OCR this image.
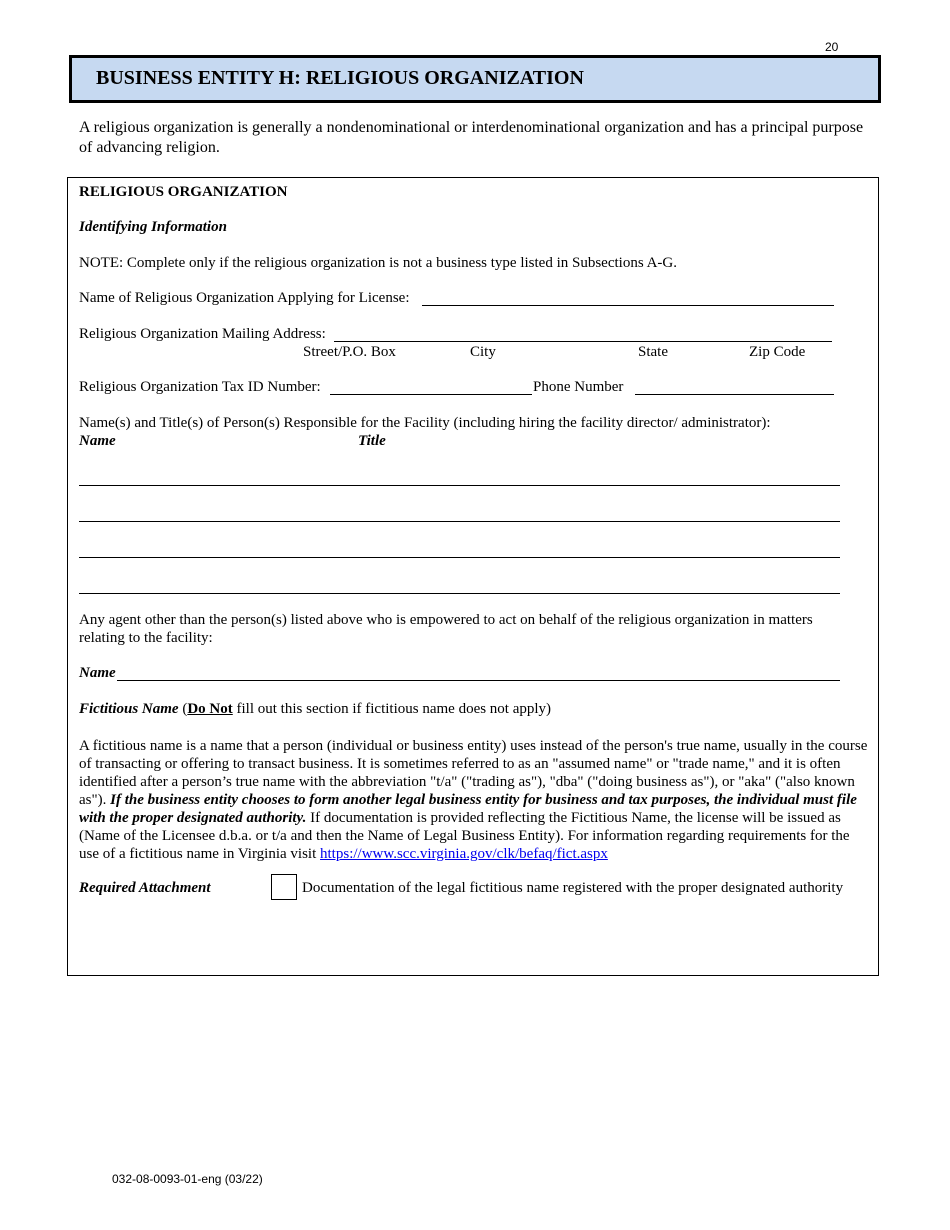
20
BUSINESS ENTITY H: RELIGIOUS ORGANIZATION
A religious organization is generally a nondenominational or interdenominational organization and has a principal purpose of advancing religion.
RELIGIOUS ORGANIZATION
Identifying Information
NOTE: Complete only if the religious organization is not a business type listed in Subsections A-G.
Name of Religious Organization Applying for License:
Religious Organization Mailing Address:
Street/P.O. Box	City	State	Zip Code
Religious Organization Tax ID Number:	Phone Number
Name(s) and Title(s) of Person(s) Responsible for the Facility (including hiring the facility director/ administrator):
Name	Title
Any agent other than the person(s) listed above who is empowered to act on behalf of the religious organization in matters relating to the facility:
Name
Fictitious Name (Do Not fill out this section if fictitious name does not apply)
A fictitious name is a name that a person (individual or business entity) uses instead of the person's true name, usually in the course of transacting or offering to transact business. It is sometimes referred to as an "assumed name" or "trade name," and it is often identified after a person’s true name with the abbreviation "t/a" ("trading as"), "dba" ("doing business as"), or "aka" ("also known as"). If the business entity chooses to form another legal business entity for business and tax purposes, the individual must file with the proper designated authority. If documentation is provided reflecting the Fictitious Name, the license will be issued as (Name of the Licensee d.b.a. or t/a and then the Name of Legal Business Entity). For information regarding requirements for the use of a fictitious name in Virginia visit https://www.scc.virginia.gov/clk/befaq/fict.aspx
Required Attachment	Documentation of the legal fictitious name registered with the proper designated authority
032-08-0093-01-eng (03/22)
